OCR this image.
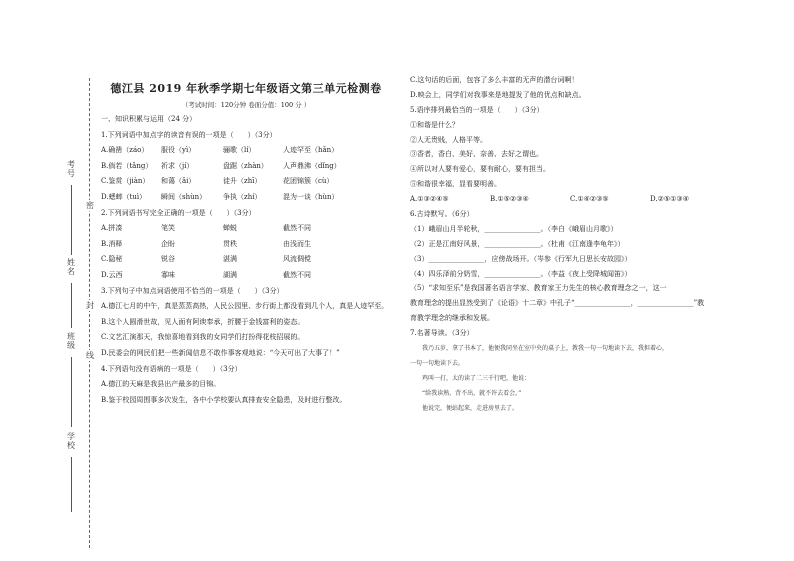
考号
姓名
班级
学校
密
封
线
德江县 2019 年秋季学期七年级语文第三单元检测卷
（考试时间：120分钟 卷面分值：100 分 ）
一、知识积累与运用（24 分）
1.下列词语中加点字的读音有误的一项是（　　）（3分）
A.确凿（záo）	服役（yì）	骊歌（lí）	人迹罕至（hǎn）
B.倘若（tǎng）	祈求（jí）	盘踞（zhàn）	人声鼎沸（dǐng）
C.鉴赏（jiàn）	和蔼（ǎi）	徒升（zhī）	花团锦簇（cù）
D.蟋蟀（tuì）	瞬间（shùn）	争执（zhí）	混为一谈（hùn）
2.下列词语书写完全正确的一项是（　　）（3分）
A.拼凑	笔笑	蝉蜕	截然不同
B.消释	企盼	贯秩	由浅而生
C.隐秘	锐谷	湛满	风流倜傥
D.云西	寡味	湖满	截然不同
3.下列句子中加点词语使用不恰当的一项是（　　）（3分）
A.德江七月的中午，真是蒸蒸高热，人民公园里、步行街上都没看到几个人，真是人迹罕至。
B.这个人圆滑世故，见人面有阿谀奉承，折腰于金钱富利的姿态。
C.文艺汇演那天，我惊喜地看到我的女同学们打扮得花枝招展的。
D.民委会的网民们把一些新闻信息不敢作事客观地说：“今天可出了大事了！”
4.下列语句没有语病的一项是（　　）（3分）
A.德江的天麻是我县出产最多的目锦。
B.鉴于校园周围事多次发生，各中小学校要认真排查安全隐患，及时进行整改。
C.这句话的后面，包容了多么丰富的无声的潜台词啊！
D.映会上，同学们对我事来是地提发了他的优点和缺点。
5.语序排列最恰当的一项是（　　）（3分）
①和谐是什么？
②人无贵贱，人格平等。
③香者，香白、美好、奈善、去好之谓也。
④所以对人要有爱心，要有耐心，要有担当。
⑤和谐很幸福，显看要明善。
A.①③②④⑤	B.①⑤②③④	C.①④②③⑤	D.②⑤①③④
6.古诗默写。（6分）
（1）峨眉山月半轮秋，________________。（李白《峨眉山月歌》）
（2）正是江南好风景，________________。（杜甫《江南逢李龟年》）
（3）________________，应傍战场开。（岑参《行军九日思长安故园》）
（4）四乐泽前分奶雪，________________。（李益《夜上受降城闻笛》）
（5）“求知至乐”是我国著名语言学家、教育家王力先生的核心教育理念之一，这一
教育理念的提出显然受到了《论语》十二章》中孔子“________________，________________”教
育教学理念的继承和发展。
7.名著导读。（3分）
我乃五岁，拿了书本了，他便我同坐在室中央的桌子上，教我一句一句地读下去，我担着心，
一句一句地读下去。
鸡叫一打，太的读了二三千行吧，他说：
“给我读熟，背不出，就不许去看会。”
他说完，便站起来，走进房里去了。
